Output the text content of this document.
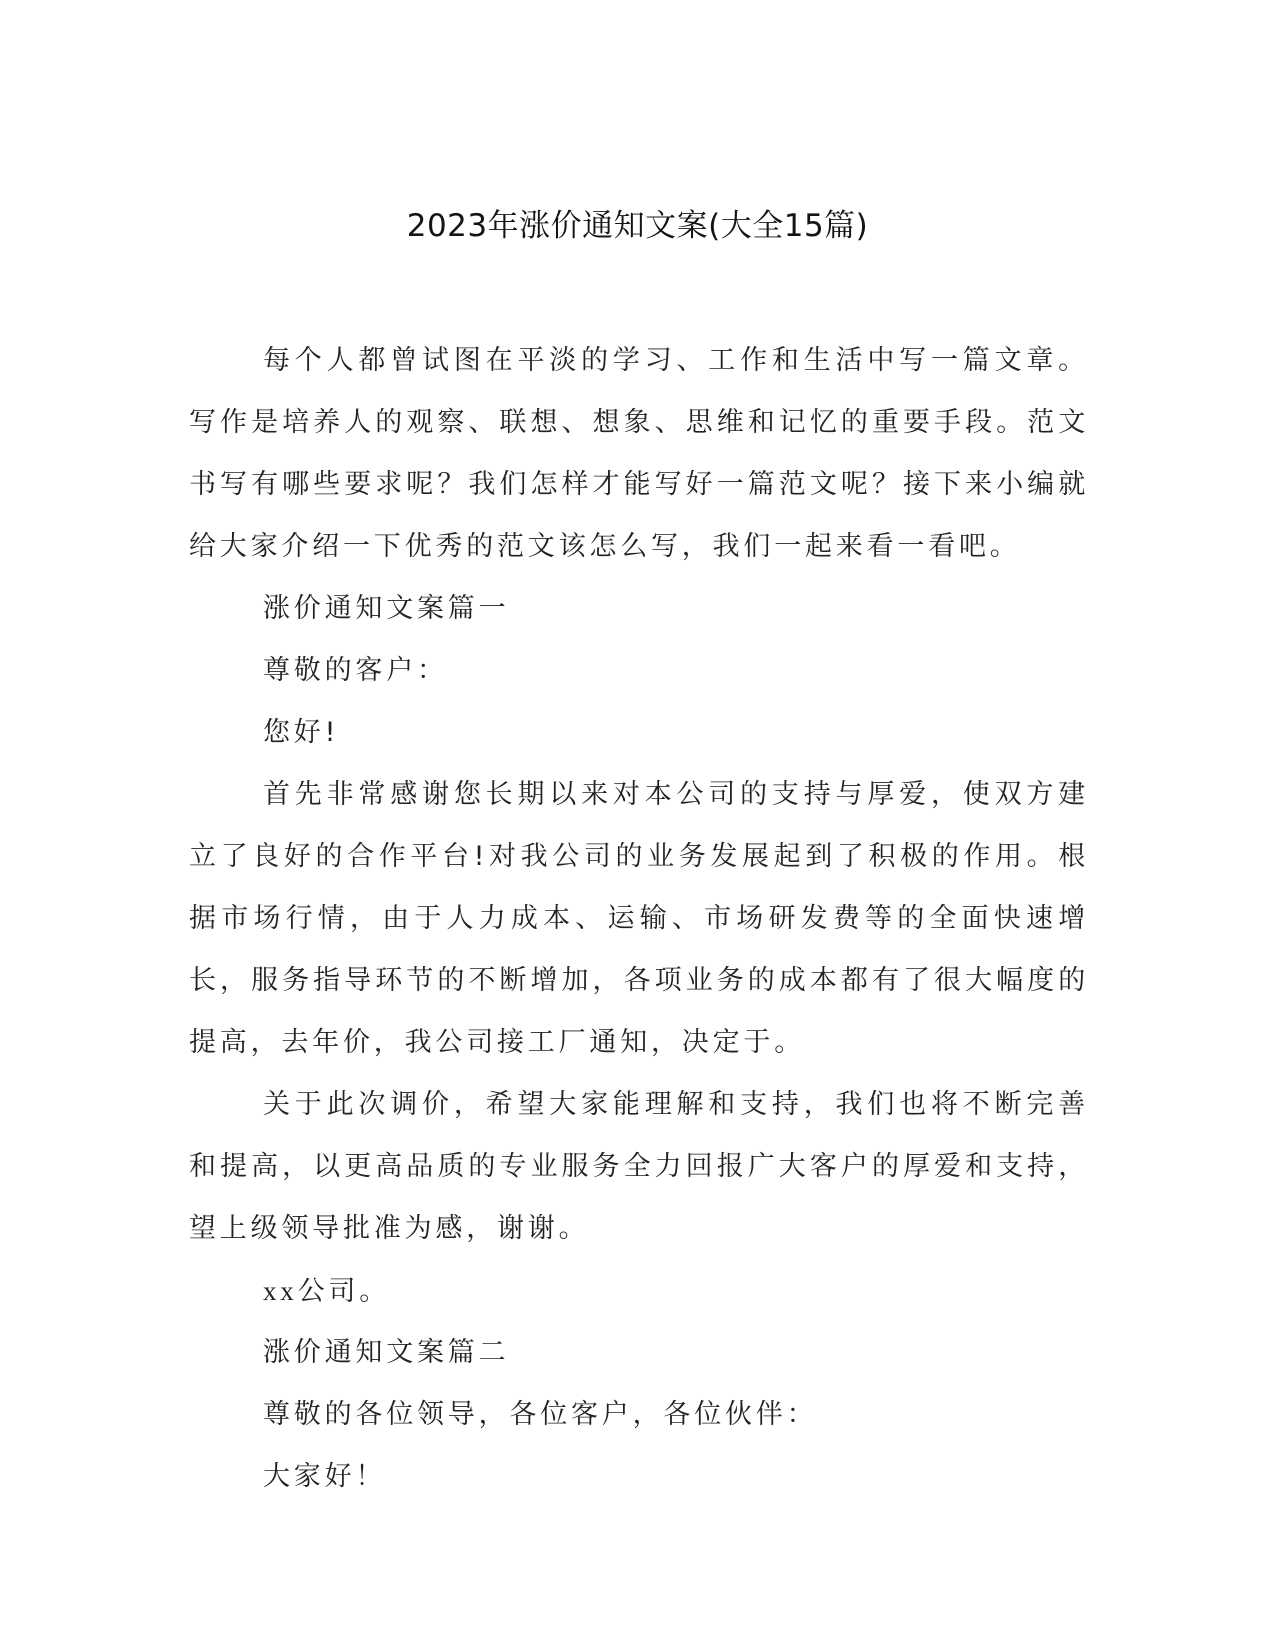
2023年涨价通知文案(大全15篇)

每个人都曾试图在平淡的学习、工作和生活中写一篇文章。写作是培养人的观察、联想、想象、思维和记忆的重要手段。范文书写有哪些要求呢？我们怎样才能写好一篇范文呢？接下来小编就给大家介绍一下优秀的范文该怎么写，我们一起来看一看吧。

涨价通知文案篇一

尊敬的客户：

您好!

首先非常感谢您长期以来对本公司的支持与厚爱，使双方建立了良好的合作平台!对我公司的业务发展起到了积极的作用。根据市场行情，由于人力成本、运输、市场研发费等的全面快速增长，服务指导环节的不断增加，各项业务的成本都有了很大幅度的提高，去年价，我公司接工厂通知，决定于。

关于此次调价，希望大家能理解和支持，我们也将不断完善和提高，以更高品质的专业服务全力回报广大客户的厚爱和支持，望上级领导批准为感，谢谢。

xx公司。

涨价通知文案篇二

尊敬的各位领导，各位客户，各位伙伴：

大家好！
